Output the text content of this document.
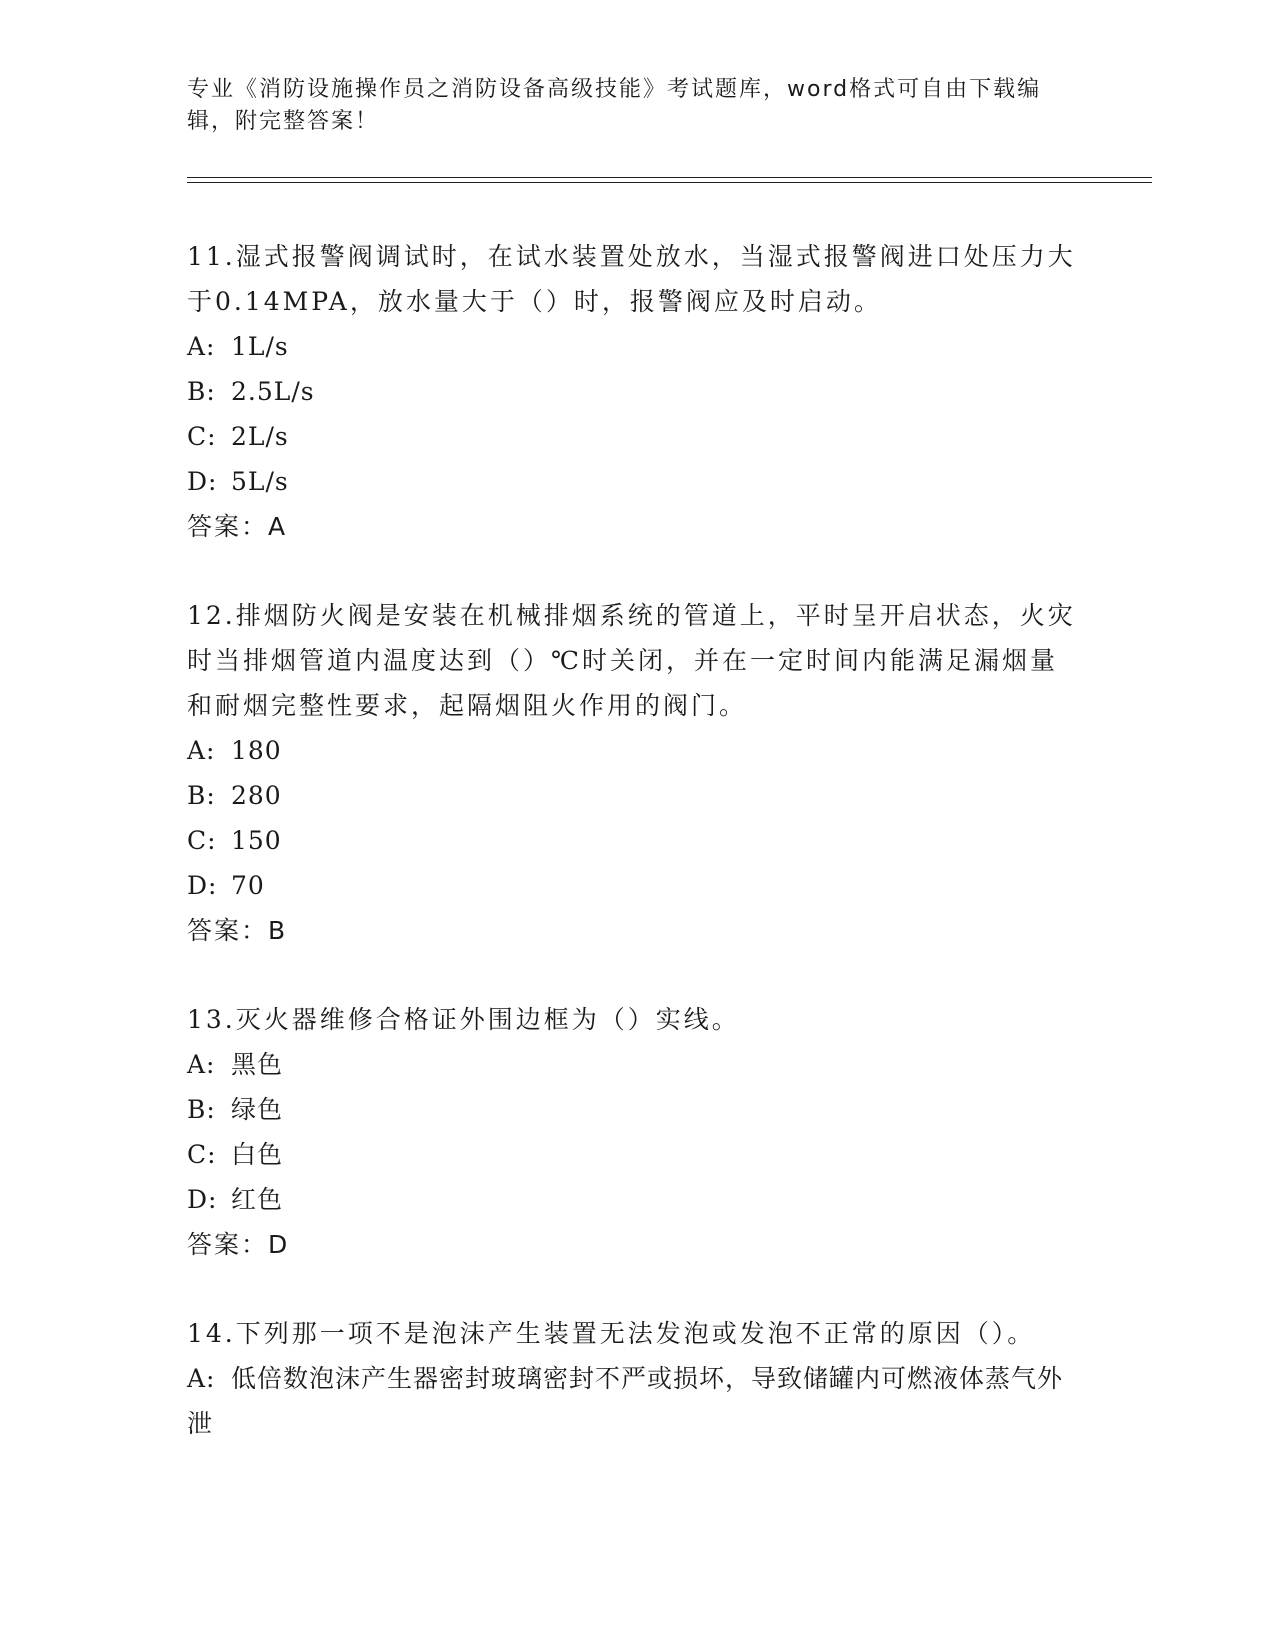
专业《消防设施操作员之消防设备高级技能》考试题库，word格式可自由下载编辑，附完整答案！
11.湿式报警阀调试时，在试水装置处放水，当湿式报警阀进口处压力大于0.14MPA，放水量大于（）时，报警阀应及时启动。
A: 1L/s
B: 2.5L/s
C: 2L/s
D: 5L/s
答案：A
12.排烟防火阀是安装在机械排烟系统的管道上，平时呈开启状态，火灾时当排烟管道内温度达到（）℃时关闭，并在一定时间内能满足漏烟量和耐烟完整性要求，起隔烟阻火作用的阀门。
A: 180
B: 280
C: 150
D: 70
答案：B
13.灭火器维修合格证外围边框为（）实线。
A: 黑色
B: 绿色
C: 白色
D: 红色
答案：D
14.下列那一项不是泡沫产生装置无法发泡或发泡不正常的原因（）。
A: 低倍数泡沫产生器密封玻璃密封不严或损坏，导致储罐内可燃液体蒸气外泄
